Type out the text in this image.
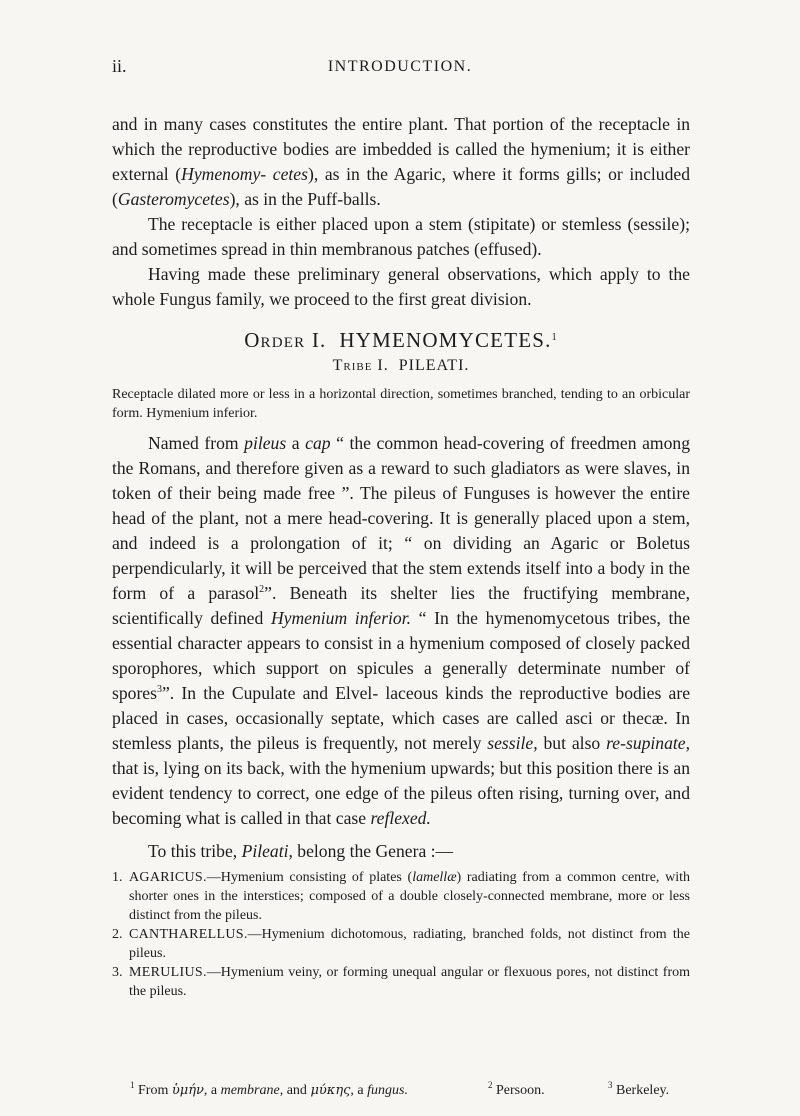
ii.	INTRODUCTION.

and in many cases constitutes the entire plant. That portion of the receptacle in which the reproductive bodies are imbedded is called the hymenium; it is either external (Hymenomy- cetes), as in the Agaric, where it forms gills; or included (Gasteromycetes), as in the Puff-balls.

The receptacle is either placed upon a stem (stipitate) or stemless (sessile); and sometimes spread in thin membranous patches (effused).

Having made these preliminary general observations, which apply to the whole Fungus family, we proceed to the first great division.

Order I. HYMENOMYCETES.$^1$
Tribe I. PILEATI.

Receptacle dilated more or less in a horizontal direction, sometimes branched, tending to an orbicular form. Hymenium inferior.

Named from pileus a cap “ the common head-covering of freedmen among the Romans, and therefore given as a reward to such gladiators as were slaves, in token of their being made free ”. The pileus of Funguses is however the entire head of the plant, not a mere head-covering. It is generally placed upon a stem, and indeed is a prolongation of it; “ on dividing an Agaric or Boletus perpendicularly, it will be perceived that the stem extends itself into a body in the form of a parasol$^2$”. Beneath its shelter lies the fructifying membrane, scientifically defined Hymenium inferior. “ In the hymenomycetous tribes, the essential character appears to consist in a hymenium composed of closely packed sporophores, which support on spicules a generally determinate number of spores$^3$”. In the Cupulate and Elvel- laceous kinds the reproductive bodies are placed in cases, occasionally septate, which cases are called asci or thecæ. In stemless plants, the pileus is frequently, not merely sessile, but also re-supinate, that is, lying on its back, with the hymenium upwards; but this position there is an evident tendency to correct, one edge of the pileus often rising, turning over, and becoming what is called in that case reflexed.

To this tribe, Pileati, belong the Genera :—

1. AGARICUS.—Hymenium consisting of plates (lamellæ) radiating from a common centre, with shorter ones in the interstices; composed of a double closely-connected membrane, more or less distinct from the pileus.
2. CANTHARELLUS.—Hymenium dichotomous, radiating, branched folds, not distinct from the pileus.
3. MERULIUS.—Hymenium veiny, or forming unequal angular or flexuous pores, not distinct from the pileus.
$^1$ From ὑμήν, a membrane, and μύκης, a fungus.	$^2$ Persoon.	$^3$ Berkeley.
